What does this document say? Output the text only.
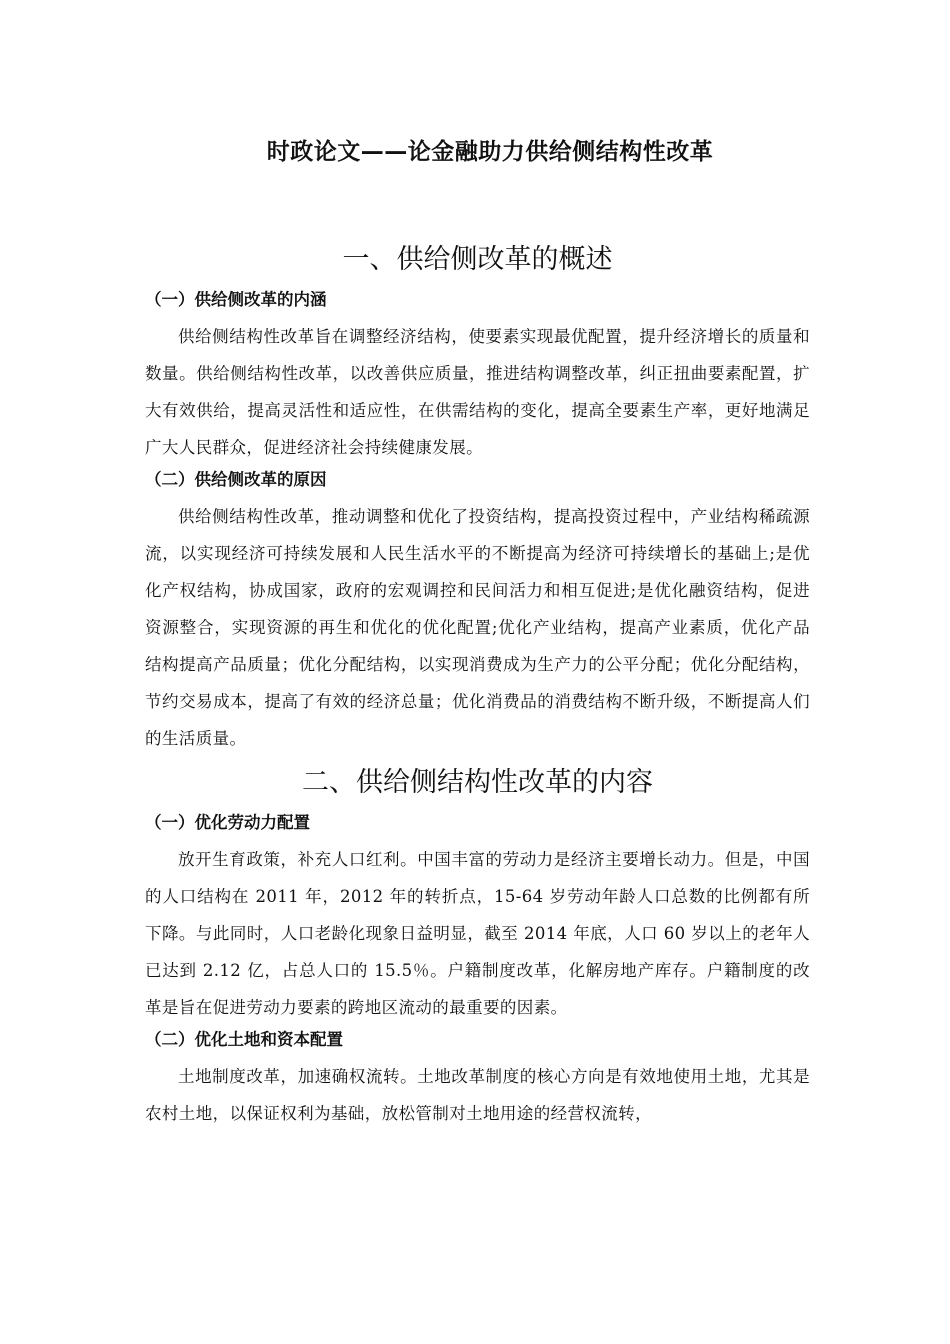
时政论文——论金融助力供给侧结构性改革
一、供给侧改革的概述
（一）供给侧改革的内涵

供给侧结构性改革旨在调整经济结构，使要素实现最优配置，提升经济增长的质量和数量。供给侧结构性改革，以改善供应质量，推进结构调整改革，纠正扭曲要素配置，扩大有效供给，提高灵活性和适应性，在供需结构的变化，提高全要素生产率，更好地满足广大人民群众，促进经济社会持续健康发展。

（二）供给侧改革的原因

供给侧结构性改革，推动调整和优化了投资结构，提高投资过程中，产业结构稀疏源流，以实现经济可持续发展和人民生活水平的不断提高为经济可持续增长的基础上;是优化产权结构，协成国家，政府的宏观调控和民间活力和相互促进;是优化融资结构，促进资源整合，实现资源的再生和优化的优化配置;优化产业结构，提高产业素质，优化产品结构提高产品质量；优化分配结构，以实现消费成为生产力的公平分配；优化分配结构，节约交易成本，提高了有效的经济总量；优化消费品的消费结构不断升级，不断提高人们的生活质量。

二、供给侧结构性改革的内容
（一）优化劳动力配置

放开生育政策，补充人口红利。中国丰富的劳动力是经济主要增长动力。但是，中国的人口结构在 2011 年，2012 年的转折点，15-64 岁劳动年龄人口总数的比例都有所下降。与此同时，人口老龄化现象日益明显，截至 2014 年底，人口 60 岁以上的老年人已达到 2.12 亿，占总人口的 15.5％。户籍制度改革，化解房地产库存。户籍制度的改革是旨在促进劳动力要素的跨地区流动的最重要的因素。

（二）优化土地和资本配置

土地制度改革，加速确权流转。土地改革制度的核心方向是有效地使用土地，尤其是农村土地，以保证权利为基础，放松管制对土地用途的经营权流转，
